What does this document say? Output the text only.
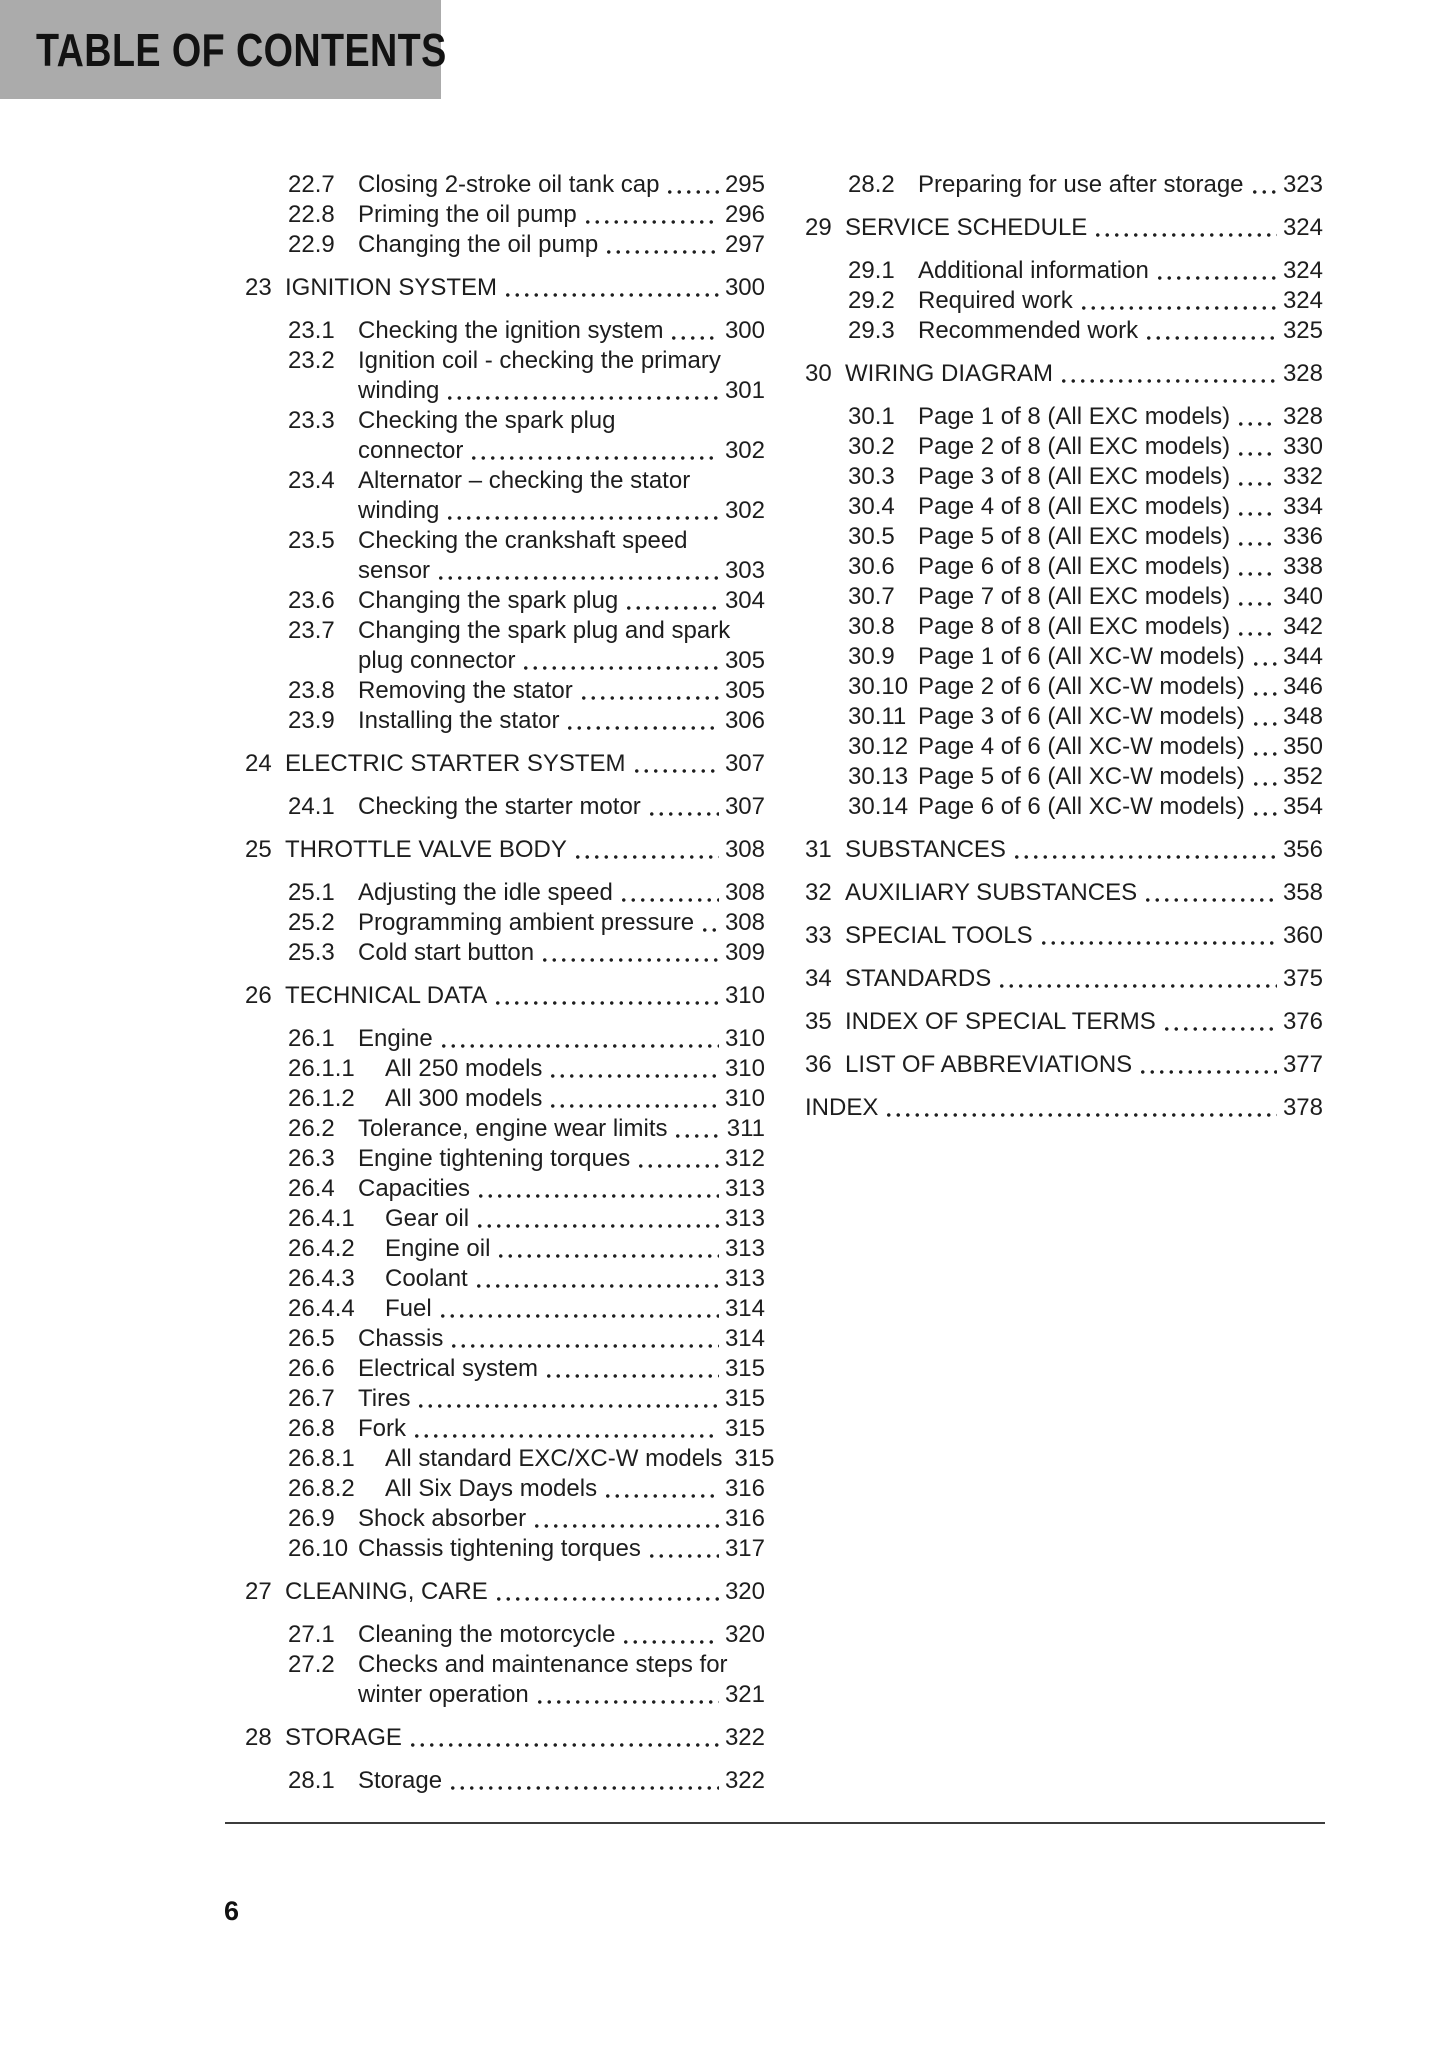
TABLE OF CONTENTS
22.7 Closing 2-stroke oil tank cap	295
22.8 Priming the oil pump	296
22.9 Changing the oil pump	297
23 IGNITION SYSTEM	300
23.1 Checking the ignition system	300
23.2 Ignition coil - checking the primary
winding	301
23.3 Checking the spark plug
connector	302
23.4 Alternator – checking the stator
winding	302
23.5 Checking the crankshaft speed
sensor	303
23.6 Changing the spark plug	304
23.7 Changing the spark plug and spark
plug connector	305
23.8 Removing the stator	305
23.9 Installing the stator	306
24 ELECTRIC STARTER SYSTEM	307
24.1 Checking the starter motor	307
25 THROTTLE VALVE BODY	308
25.1 Adjusting the idle speed	308
25.2 Programming ambient pressure 308
25.3 Cold start button	309
26 TECHNICAL DATA	310
26.1 Engine	310
26.1.1	All 250 models	310
26.1.2	All 300 models	310
26.2 Tolerance, engine wear limits 311
26.3 Engine tightening torques	312
26.4 Capacities	313
26.4.1	Gear oil	313
26.4.2	Engine oil	313
26.4.3	Coolant	313
26.4.4	Fuel	314
26.5 Chassis	314
26.6 Electrical system	315
26.7 Tires	315
26.8 Fork	315
26.8.1	All standard EXC/XC-W models 315
26.8.2	All Six Days models	316
26.9 Shock absorber	316
26.10 Chassis tightening torques	317
27 CLEANING, CARE	320
27.1 Cleaning the motorcycle	320
27.2 Checks and maintenance steps for
winter operation	321
28 STORAGE	322
28.1 Storage	322
28.2 Preparing for use after storage 323
29 SERVICE SCHEDULE	324
29.1 Additional information	324
29.2 Required work	324
29.3 Recommended work	325
30 WIRING DIAGRAM	328
30.1 Page 1 of 8 (All EXC models) 328
30.2 Page 2 of 8 (All EXC models) 330
30.3 Page 3 of 8 (All EXC models) 332
30.4 Page 4 of 8 (All EXC models) 334
30.5 Page 5 of 8 (All EXC models) 336
30.6 Page 6 of 8 (All EXC models) 338
30.7 Page 7 of 8 (All EXC models) 340
30.8 Page 8 of 8 (All EXC models) 342
30.9 Page 1 of 6 (All XC-W models) 344
30.10 Page 2 of 6 (All XC-W models) 346
30.11 Page 3 of 6 (All XC-W models) 348
30.12 Page 4 of 6 (All XC-W models) 350
30.13 Page 5 of 6 (All XC-W models) 352
30.14 Page 6 of 6 (All XC-W models) 354
31 SUBSTANCES	356
32 AUXILIARY SUBSTANCES	358
33 SPECIAL TOOLS	360
34 STANDARDS	375
35 INDEX OF SPECIAL TERMS	376
36 LIST OF ABBREVIATIONS	377
INDEX	378
6
